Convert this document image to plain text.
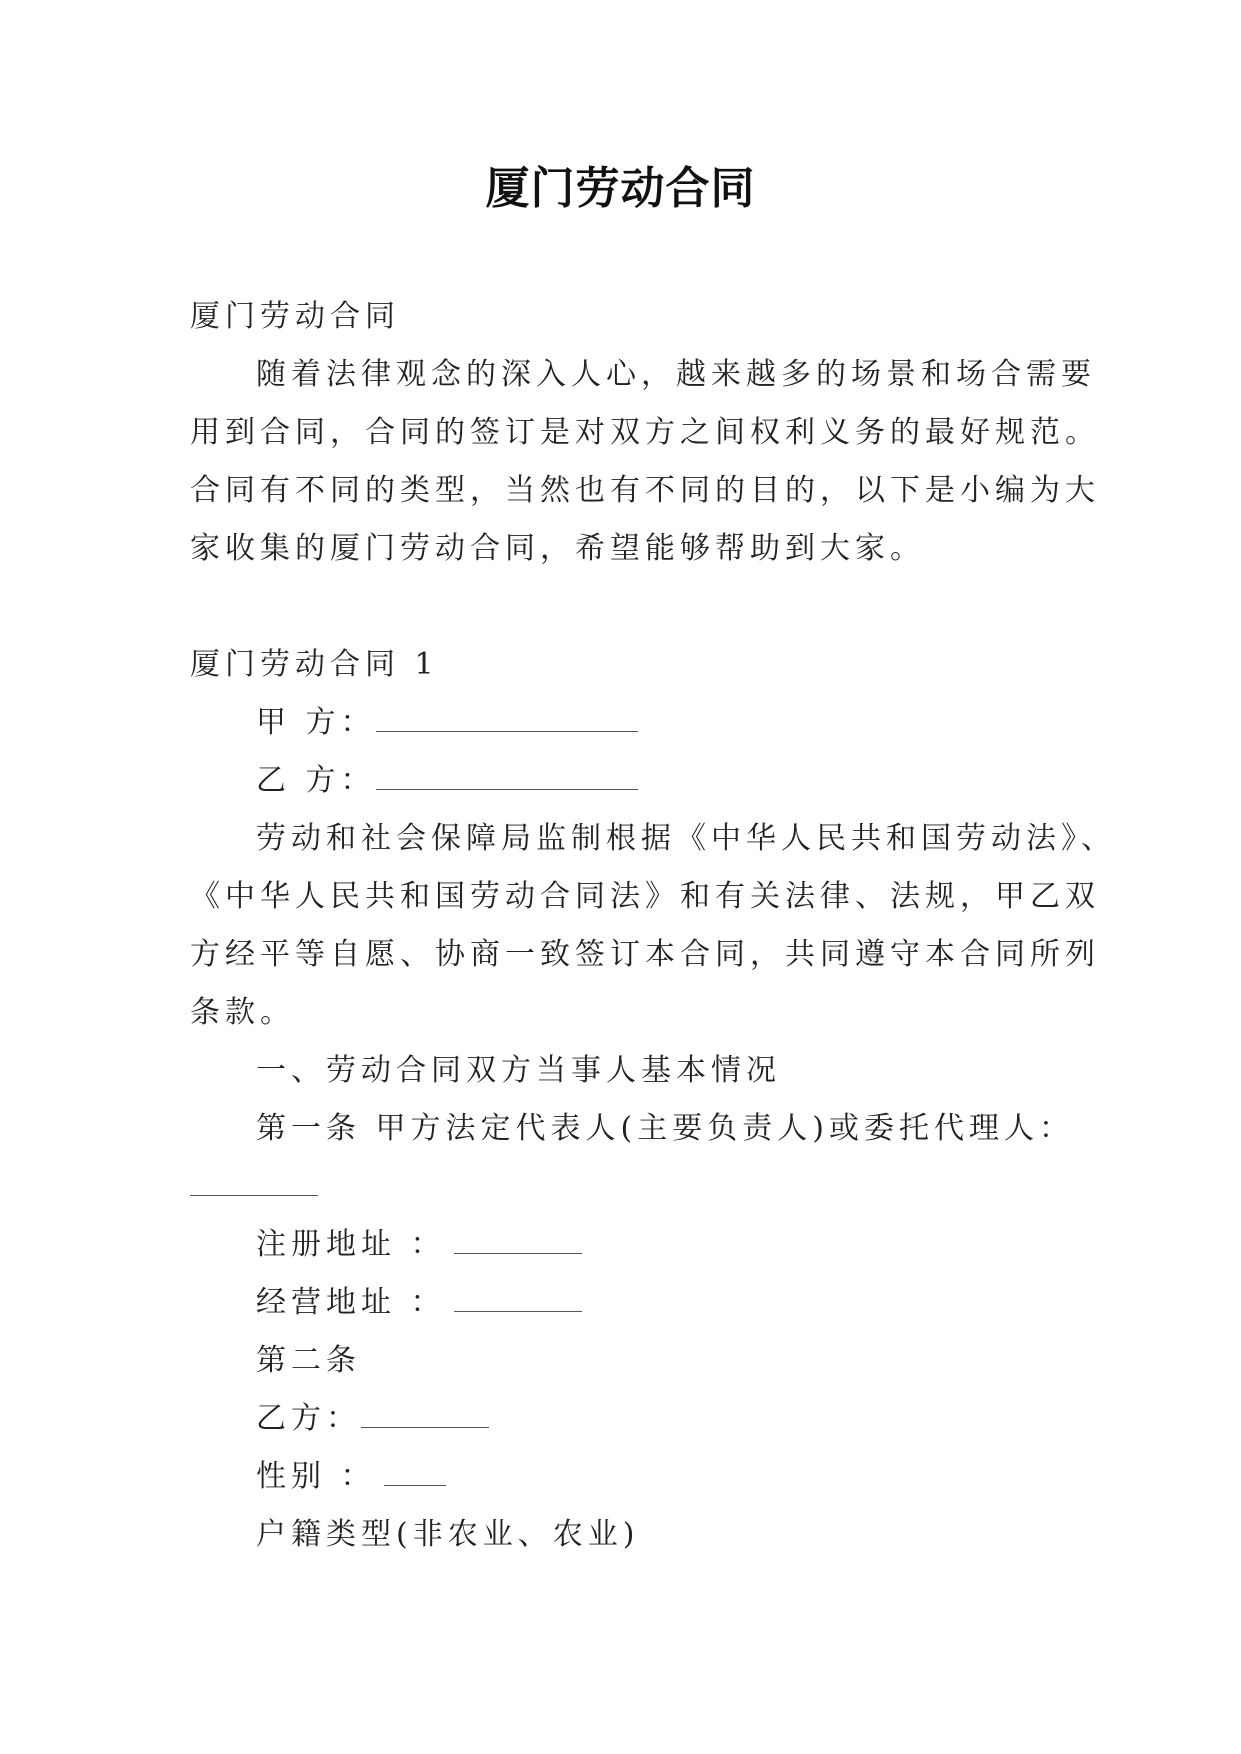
厦门劳动合同
厦门劳动合同
随着法律观念的深入人心，越来越多的场景和场合需要
用到合同，合同的签订是对双方之间权利义务的最好规范。
合同有不同的类型，当然也有不同的目的，以下是小编为大
家收集的厦门劳动合同，希望能够帮助到大家。
厦门劳动合同 1
甲 方：
乙 方：
劳动和社会保障局监制根据《中华人民共和国劳动法》、
《中华人民共和国劳动合同法》和有关法律、法规，甲乙双
方经平等自愿、协商一致签订本合同，共同遵守本合同所列
条款。
一、劳动合同双方当事人基本情况
第一条 甲方法定代表人(主要负责人)或委托代理人：
注册地址 ：
经营地址 ：
第二条
乙方：
性别 ：
户籍类型(非农业、农业)
